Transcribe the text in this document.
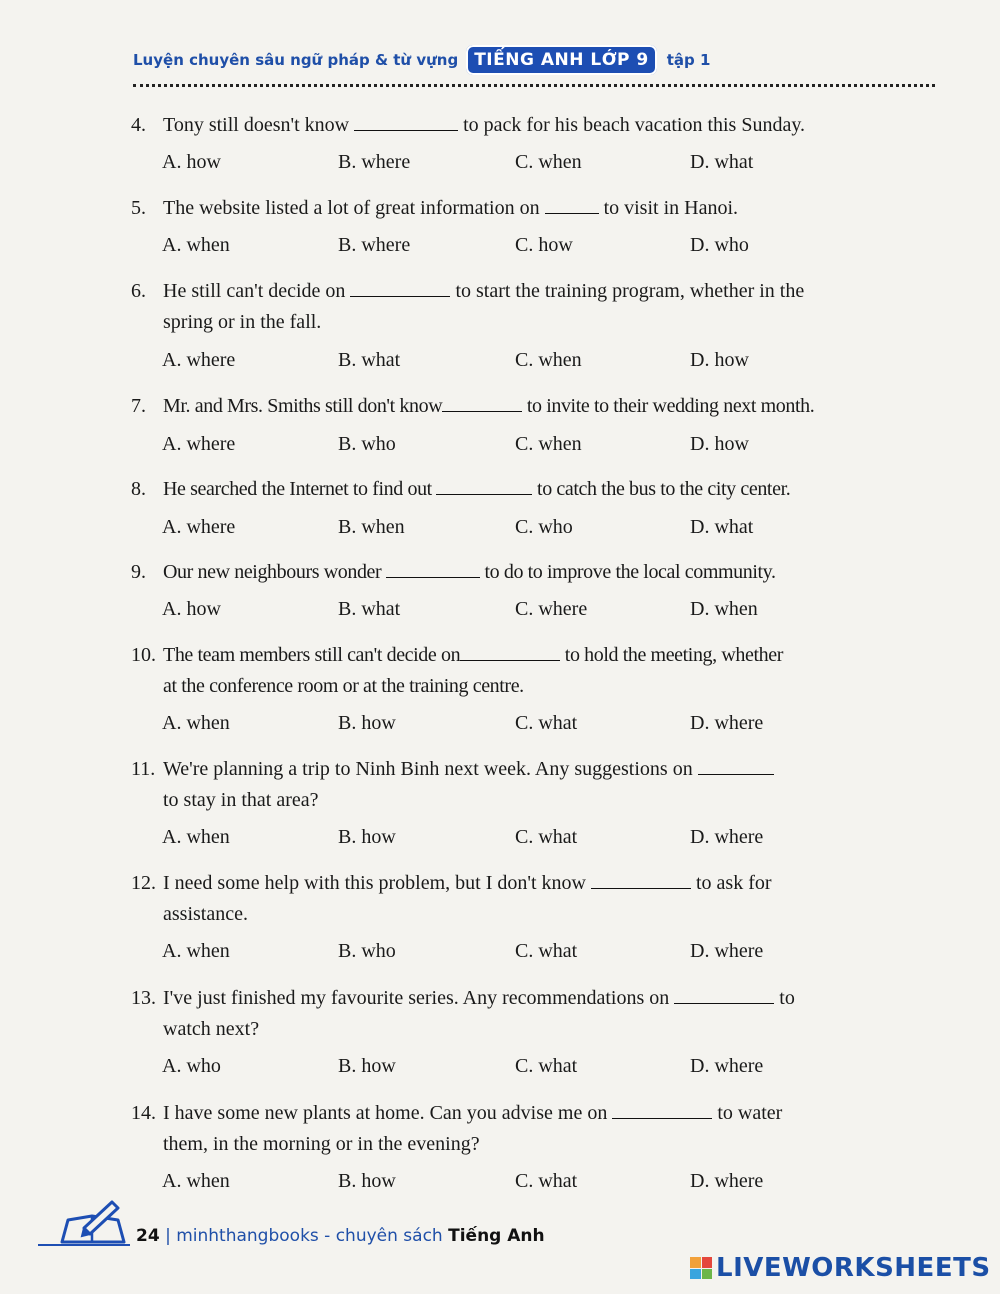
Luyện chuyên sâu ngữ pháp & từ vựng TIẾNG ANH LỚP 9	tập 1
4. Tony still doesn't know	to pack for his beach vacation this Sunday.
A. how	B. where	C. when	D. what
5. The website listed a lot of great information on	to visit in Hanoi.
A. when	B. where	C. how	D. who
6. He still can't decide on	to start the training program, whether in the
spring or in the fall.
A. where	B. what	C. when	D. how
7. Mr. and Mrs. Smiths still don't know	to invite to their wedding next month.
A. where	B. who	C. when	D. how
8. He searched the Internet to find out	to catch the bus to the city center.
A. where	B. when	C. who	D. what
9. Our new neighbours wonder	to do to improve the local community.
A. how	B. what	C. where	D. when
10. The team members still can't decide on	to hold the meeting, whether
at the conference room or at the training centre.
A. when	B. how	C. what	D. where
11. We're planning a trip to Ninh Binh next week. Any suggestions on
to stay in that area?
A. when	B. how	C. what	D. where
12. I need some help with this problem, but I don't know	to ask for
assistance.
A. when	B. who	C. what	D. where
13. I've just finished my favourite series. Any recommendations on	to
watch next?
A. who	B. how	C. what	D. where
14. I have some new plants at home. Can you advise me on	to water
them, in the morning or in the evening?
A. when	B. how	C. what	D. where
24 | minhthangbooks - chuyên sách Tiếng Anh
LIVEWORKSHEETS
